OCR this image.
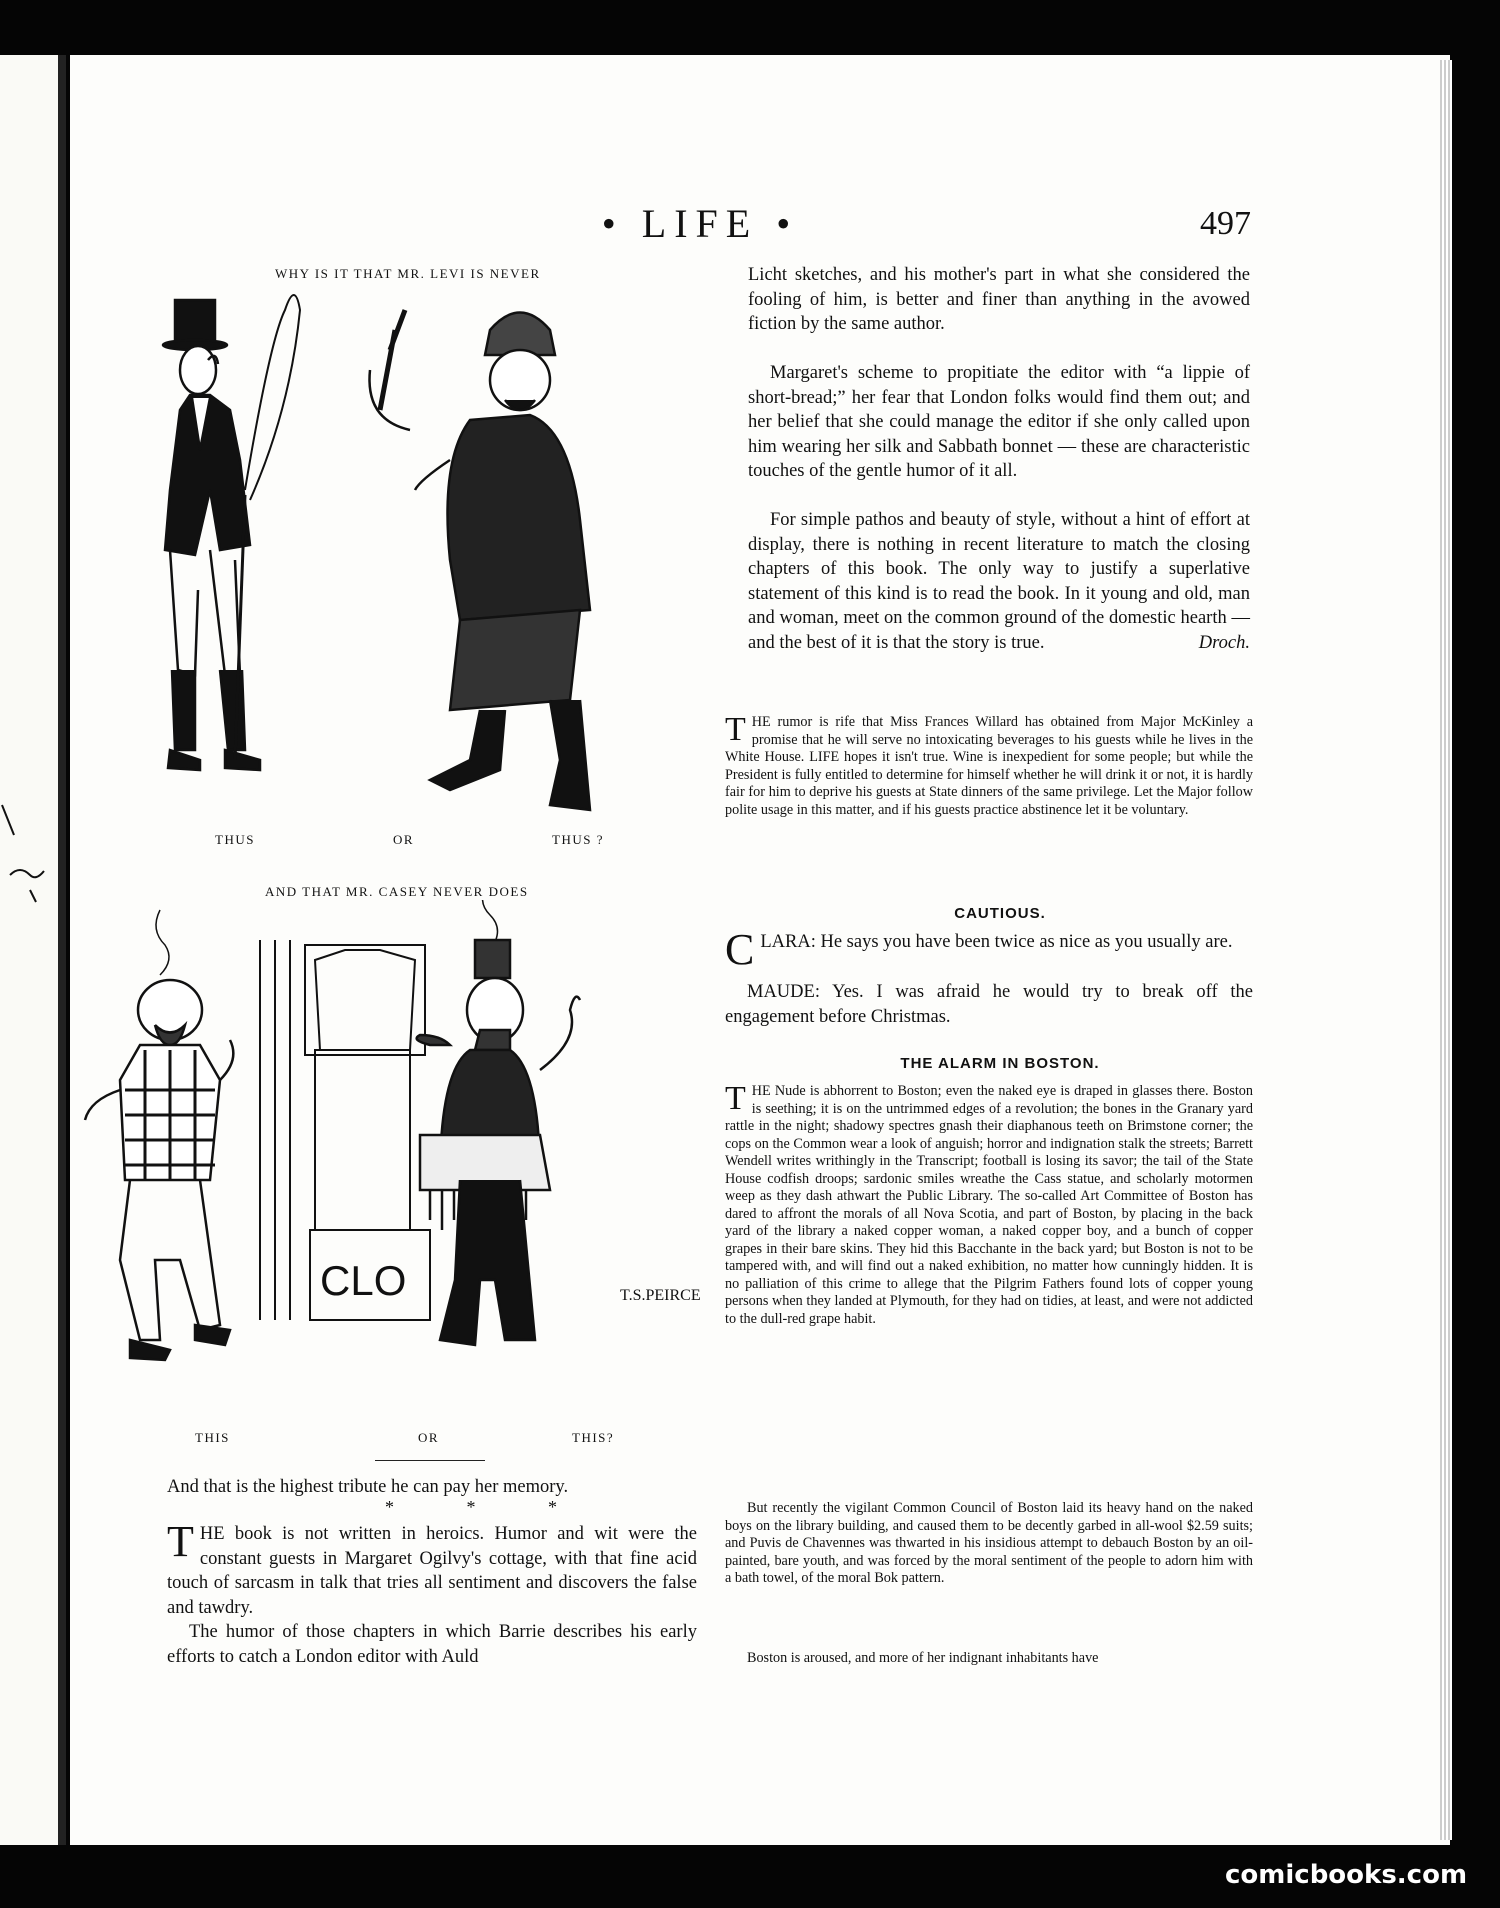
• LIFE •	497
WHY IS IT THAT MR. LEVI IS NEVER
THUS	OR	THUS ?
AND THAT MR. CASEY NEVER DOES
CLO	T.S.PEIRCE
THIS	OR	THIS?
And that is the highest tribute he can pay her memory.
* * *
THE book is not written in heroics. Humor and wit were the constant guests in Margaret Ogilvy's cottage, with that fine acid touch of sarcasm in talk that tries all sentiment and discovers the false and tawdry.
The humor of those chapters in which Barrie describes his early efforts to catch a London editor with Auld
Licht sketches, and his mother's part in what she considered the fooling of him, is better and finer than anything in the avowed fiction by the same author.
Margaret's scheme to propitiate the editor with “a lippie of short-bread;” her fear that London folks would find them out; and her belief that she could manage the editor if she only called upon him wearing her silk and Sabbath bonnet — these are characteristic touches of the gentle humor of it all.
For simple pathos and beauty of style, without a hint of effort at display, there is nothing in recent literature to match the closing chapters of this book. The only way to justify a superlative statement of this kind is to read the book. In it young and old, man and woman, meet on the common ground of the domestic hearth — and the best of it is that the story is true.	Droch.
THE rumor is rife that Miss Frances Willard has obtained from Major McKinley a promise that he will serve no intoxicating beverages to his guests while he lives in the White House. LIFE hopes it isn't true. Wine is inexpedient for some people; but while the President is fully entitled to determine for himself whether he will drink it or not, it is hardly fair for him to deprive his guests at State dinners of the same privilege. Let the Major follow polite usage in this matter, and if his guests practice abstinence let it be voluntary.
CAUTIOUS.
CLARA: He says you have been twice as nice as you usually are.
MAUDE: Yes. I was afraid he would try to break off the engagement before Christmas.
THE ALARM IN BOSTON.
THE Nude is abhorrent to Boston; even the naked eye is draped in glasses there. Boston is seething; it is on the untrimmed edges of a revolution; the bones in the Granary yard rattle in the night; shadowy spectres gnash their diaphanous teeth on Brimstone corner; the cops on the Common wear a look of anguish; horror and indignation stalk the streets; Barrett Wendell writes writhingly in the Transcript; football is losing its savor; the tail of the State House codfish droops; sardonic smiles wreathe the Cass statue, and scholarly motormen weep as they dash athwart the Public Library. The so-called Art Committee of Boston has dared to affront the morals of all Nova Scotia, and part of Boston, by placing in the back yard of the library a naked copper woman, a naked copper boy, and a bunch of copper grapes in their bare skins. They hid this Bacchante in the back yard; but Boston is not to be tampered with, and will find out a naked exhibition, no matter how cunningly hidden. It is no palliation of this crime to allege that the Pilgrim Fathers found lots of copper young persons when they landed at Plymouth, for they had on tidies, at least, and were not addicted to the dull-red grape habit.
But recently the vigilant Common Council of Boston laid its heavy hand on the naked boys on the library building, and caused them to be decently garbed in all-wool $2.59 suits; and Puvis de Chavennes was thwarted in his insidious attempt to debauch Boston by an oil-painted, bare youth, and was forced by the moral sentiment of the people to adorn him with a bath towel, of the moral Bok pattern.
Boston is aroused, and more of her indignant inhabitants have
comicbooks.com
